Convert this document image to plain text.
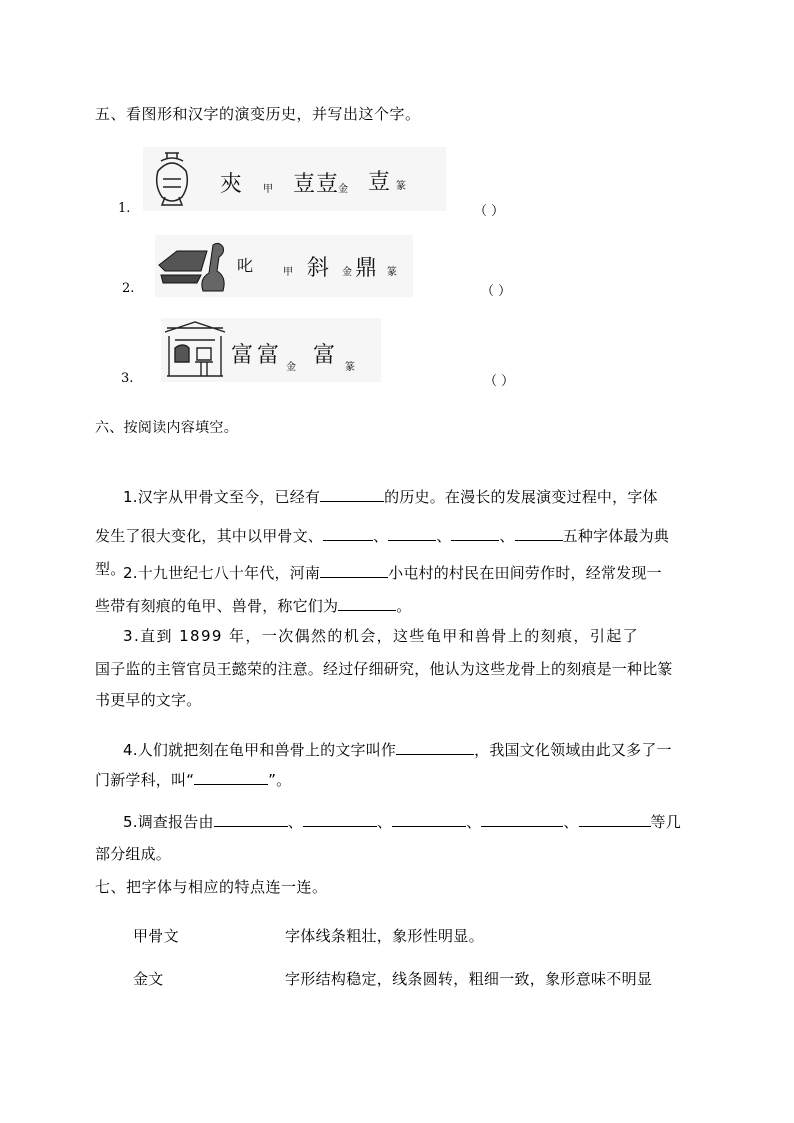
五、看图形和汉字的演变历史，并写出这个字。
㚒 甲 壴 壴 金 壴 篆
1.	（ ）
叱	甲 斜 金 鼎 篆
2.	（ ）
富 富 金 富 篆
3.	（ ）
六、按阅读内容填空。
1.汉字从甲骨文至今，已经有	的历史。在漫长的发展演变过程中，字体

发生了很大变化，其中以甲骨文、	、	、	、	五种字体最为典
型。
2.十九世纪七八十年代，河南	小屯村的村民在田间劳作时，经常发现一
些带有刻痕的龟甲、兽骨，称它们为	。
3.直到 1899 年，一次偶然的机会，这些龟甲和兽骨上的刻痕，引起了
国子监的主管官员王懿荣的注意。经过仔细研究，他认为这些龙骨上的刻痕是一种比篆
书更早的文字。
4.人们就把刻在龟甲和兽骨上的文字叫作	，我国文化领域由此又多了一
门新学科，叫“	”。
5.调查报告由	、	、	、	、	等几
部分组成。
七、把字体与相应的特点连一连。
甲骨文	字体线条粗壮，象形性明显。
金文	字形结构稳定，线条圆转，粗细一致，象形意味不明显
